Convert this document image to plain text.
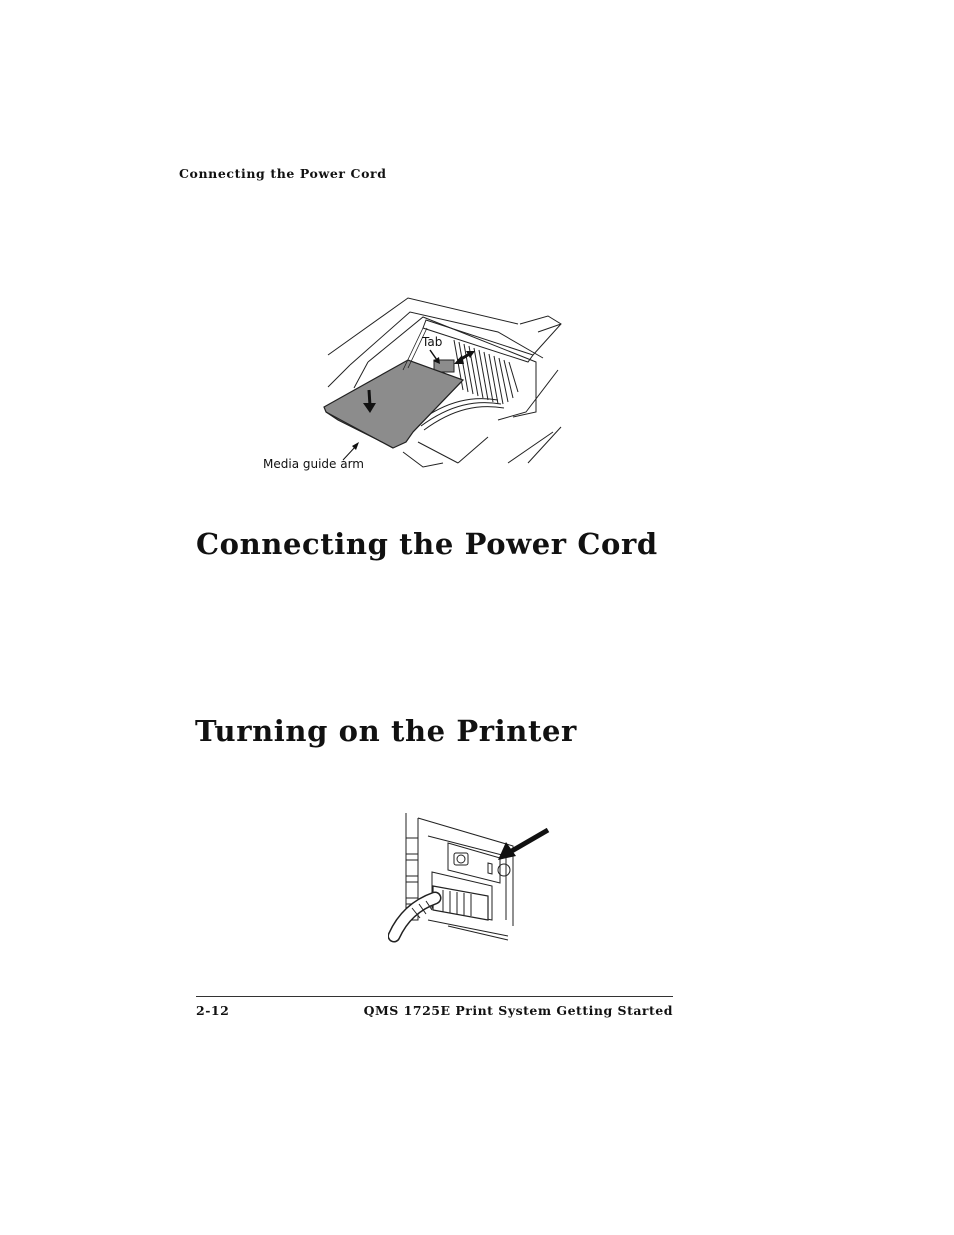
Connecting the Power Cord
Tab
Media guide arm
Connecting the Power Cord
Turning on the Printer
2-12	QMS 1725E Print System Getting Started
